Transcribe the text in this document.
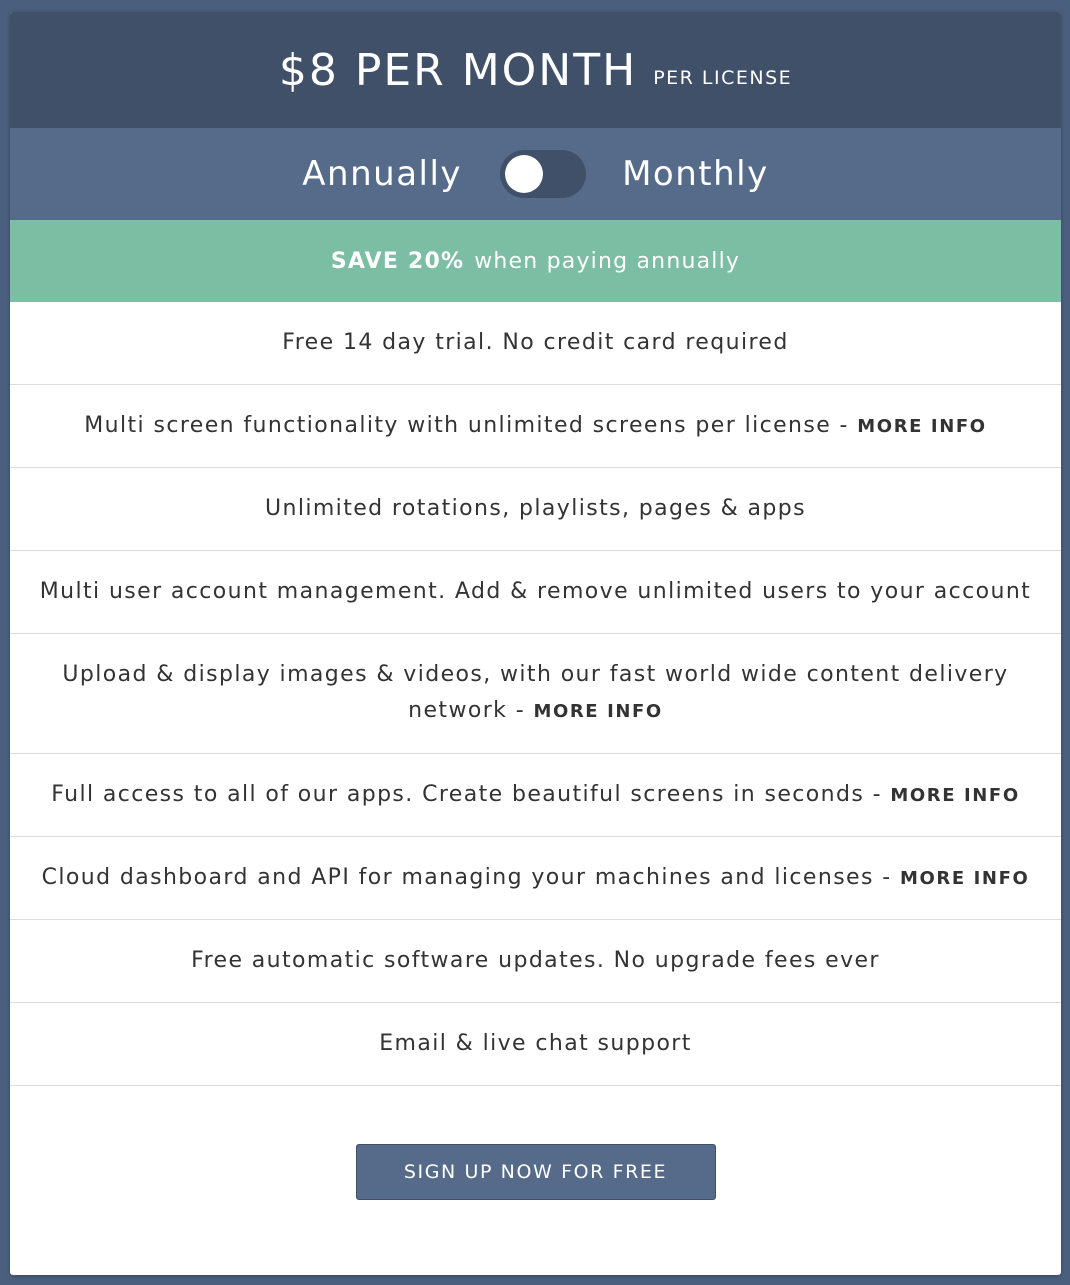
$8 PER MONTH PER LICENSE
Annually	Monthly
SAVE 20% when paying annually
Free 14 day trial. No credit card required
Multi screen functionality with unlimited screens per license - MORE INFO
Unlimited rotations, playlists, pages & apps
Multi user account management. Add & remove unlimited users to your account
Upload & display images & videos, with our fast world wide content delivery network - MORE INFO
Full access to all of our apps. Create beautiful screens in seconds - MORE INFO
Cloud dashboard and API for managing your machines and licenses - MORE INFO
Free automatic software updates. No upgrade fees ever
Email & live chat support
SIGN UP NOW FOR FREE
